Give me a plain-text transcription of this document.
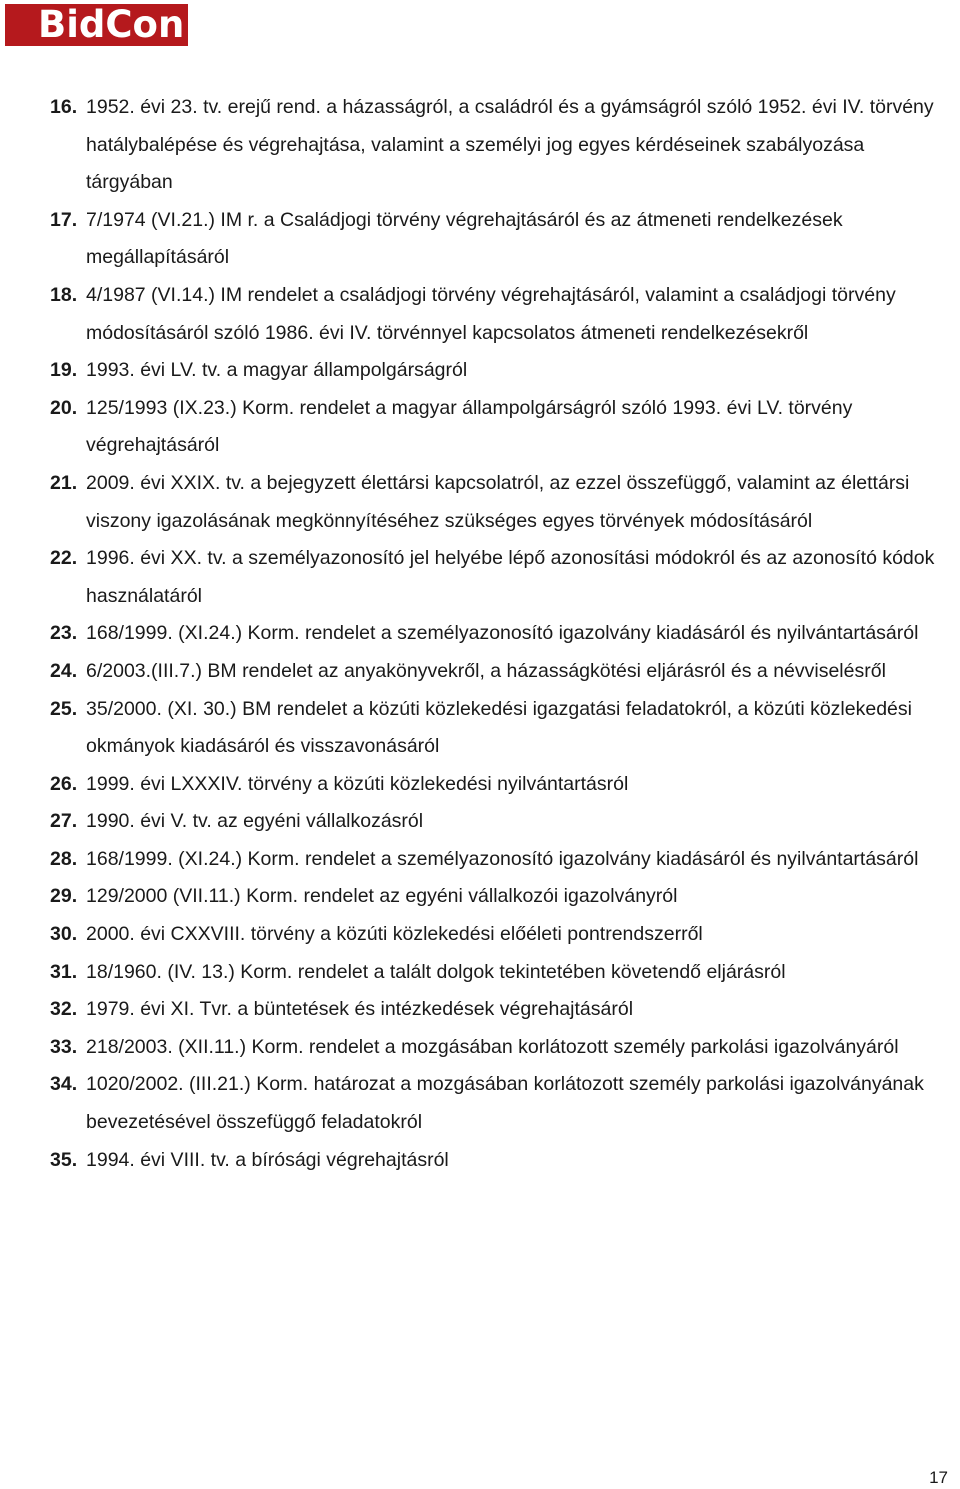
BidCon
16. 1952. évi 23. tv. erejű rend. a házasságról, a családról és a gyámságról szóló 1952. évi IV. törvény hatálybalépése és végrehajtása, valamint a személyi jog egyes kérdéseinek szabályozása tárgyában
17. 7/1974 (VI.21.) IM r. a Családjogi törvény végrehajtásáról és az átmeneti rendelkezések megállapításáról
18. 4/1987 (VI.14.) IM rendelet a családjogi törvény végrehajtásáról, valamint a családjogi törvény módosításáról szóló 1986. évi IV. törvénnyel kapcsolatos átmeneti rendelkezésekről
19. 1993. évi LV. tv. a magyar állampolgárságról
20. 125/1993 (IX.23.) Korm. rendelet a magyar állampolgárságról szóló 1993. évi LV. törvény végrehajtásáról
21. 2009. évi XXIX. tv. a bejegyzett élettársi kapcsolatról, az ezzel összefüggő, valamint az élettársi viszony igazolásának megkönnyítéséhez szükséges egyes törvények módosításáról
22. 1996. évi XX. tv. a személyazonosító jel helyébe lépő azonosítási módokról és az azonosító kódok használatáról
23. 168/1999. (XI.24.) Korm. rendelet a személyazonosító igazolvány kiadásáról és nyilvántartásáról
24. 6/2003.(III.7.) BM rendelet az anyakönyvekről, a házasságkötési eljárásról és a névviselésről
25. 35/2000. (XI. 30.) BM rendelet a közúti közlekedési igazgatási feladatokról, a közúti közlekedési okmányok kiadásáról és visszavonásáról
26. 1999. évi LXXXIV. törvény a közúti közlekedési nyilvántartásról
27. 1990. évi V. tv. az egyéni vállalkozásról
28. 168/1999. (XI.24.) Korm. rendelet a személyazonosító igazolvány kiadásáról és nyilvántartásáról
29. 129/2000 (VII.11.) Korm. rendelet az egyéni vállalkozói igazolványról
30. 2000. évi CXXVIII. törvény a közúti közlekedési előéleti pontrendszerről
31. 18/1960. (IV. 13.) Korm. rendelet a talált dolgok tekintetében követendő eljárásról
32. 1979. évi XI. Tvr. a büntetések és intézkedések végrehajtásáról
33. 218/2003. (XII.11.) Korm. rendelet a mozgásában korlátozott személy parkolási igazolványáról
34. 1020/2002. (III.21.) Korm. határozat a mozgásában korlátozott személy parkolási igazolványának bevezetésével összefüggő feladatokról
35. 1994. évi VIII. tv. a bírósági végrehajtásról
17
